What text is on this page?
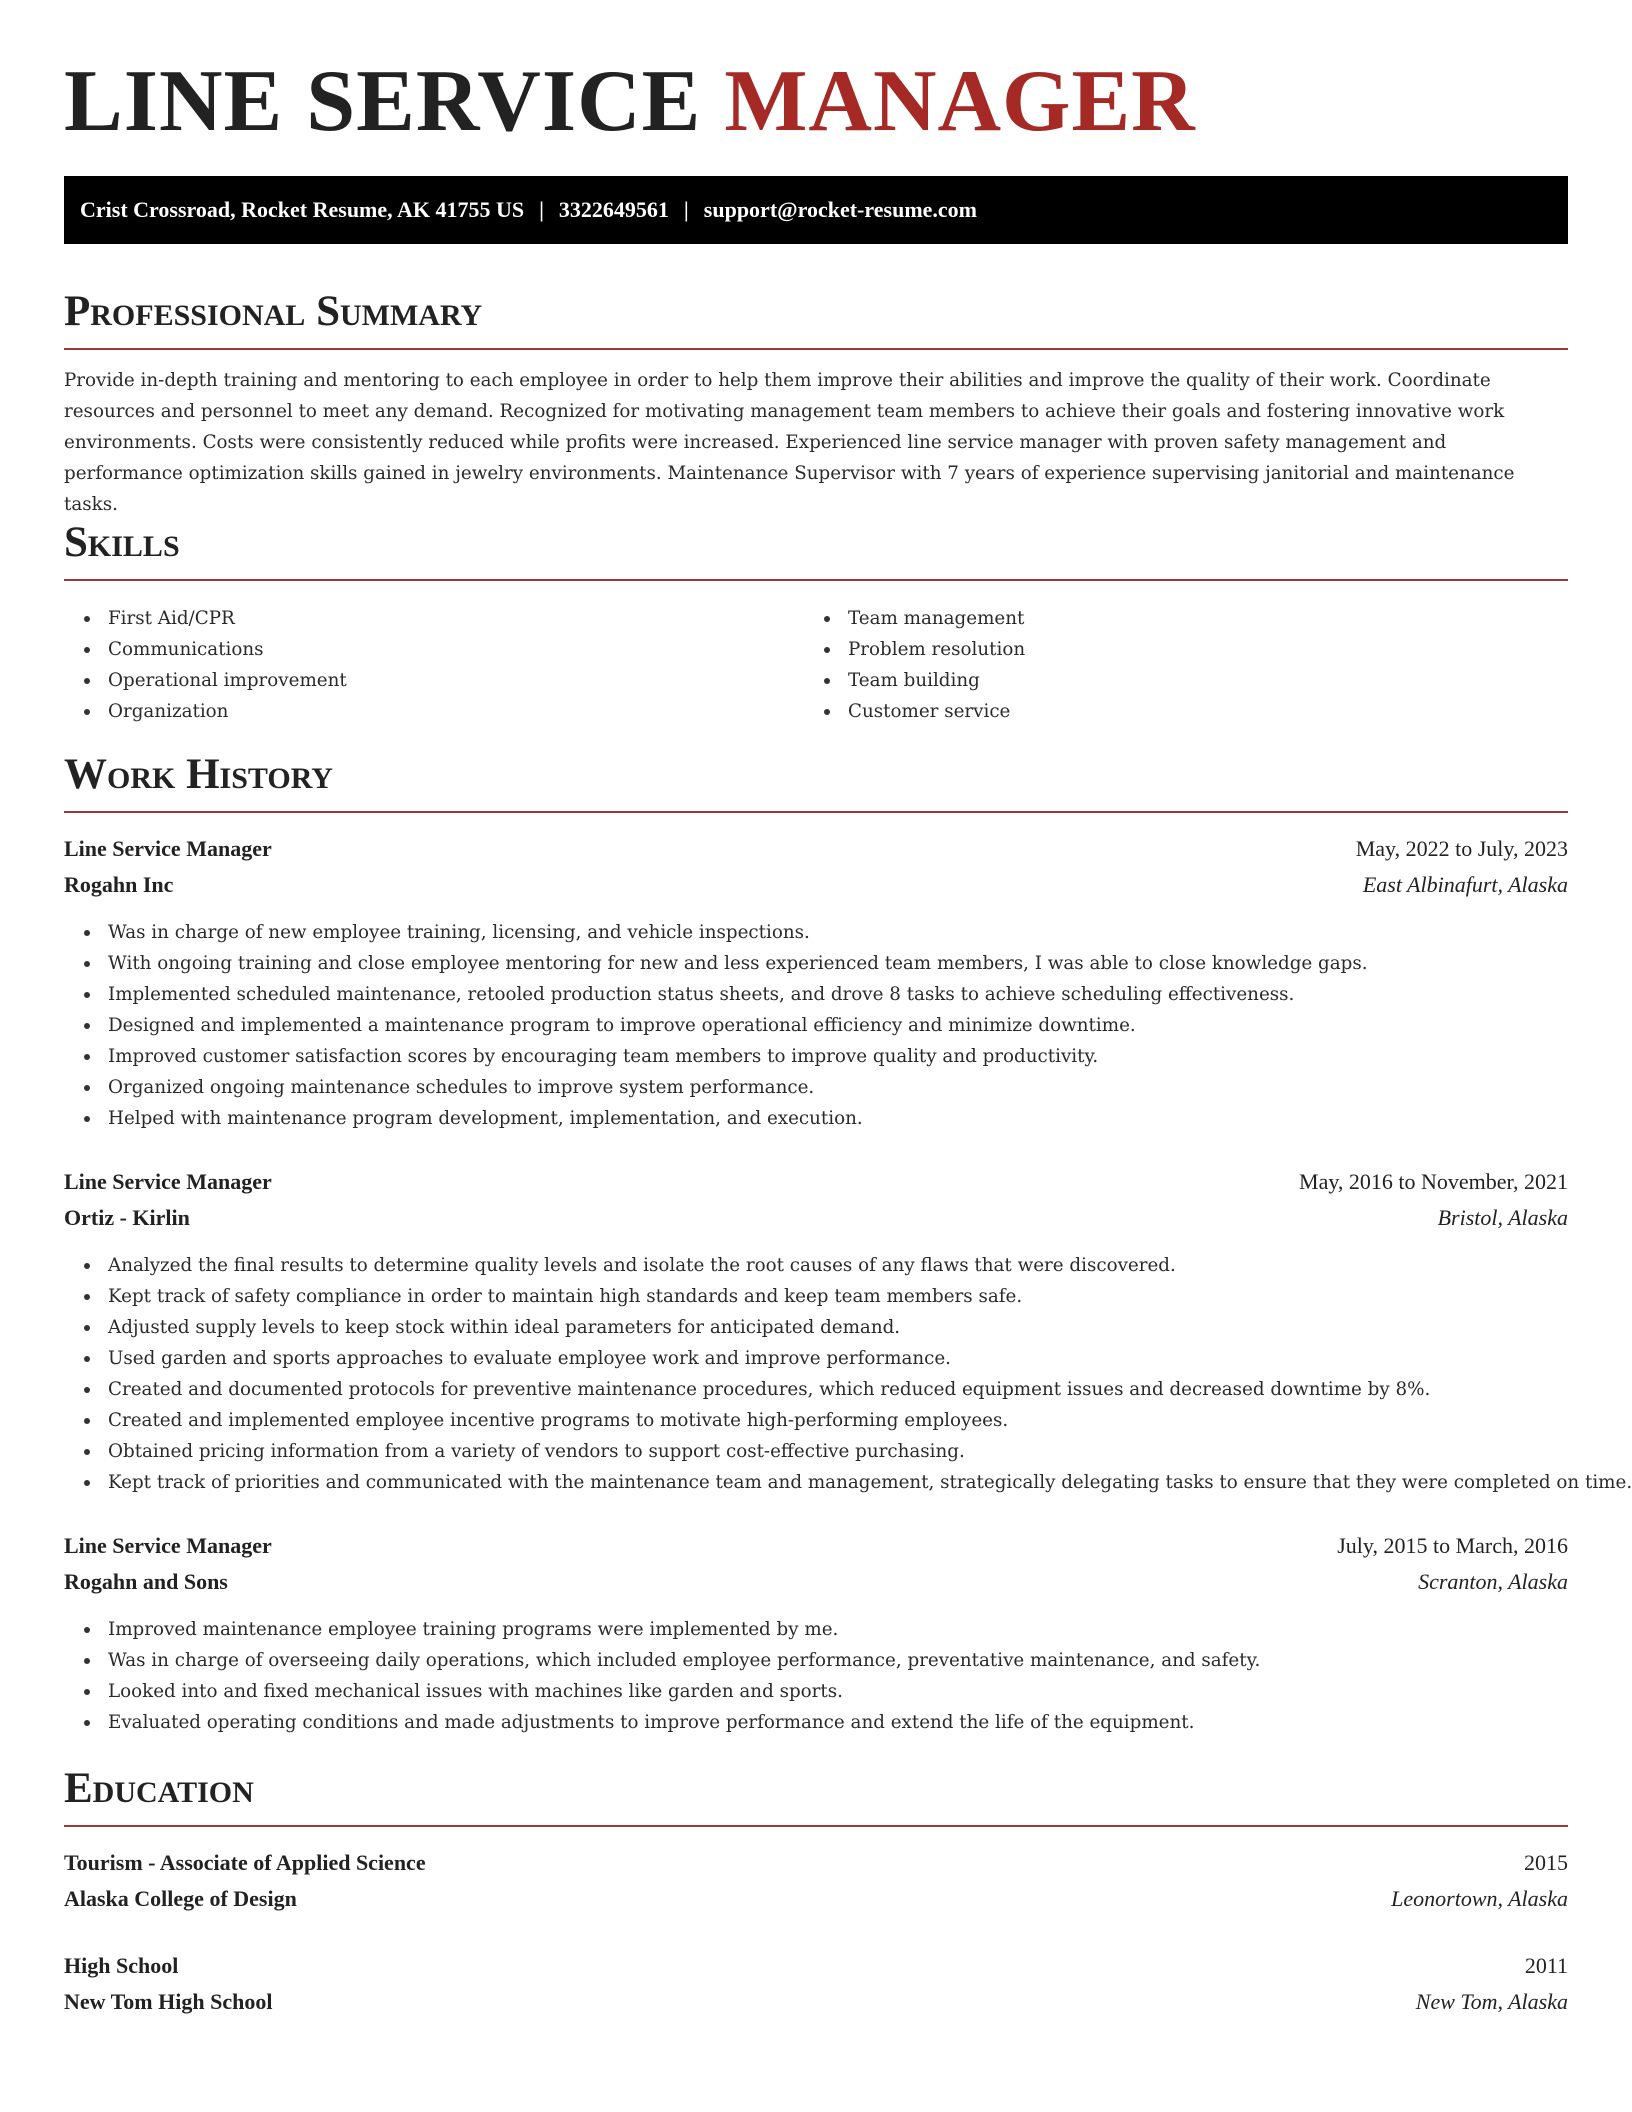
LINE SERVICE MANAGER
Crist Crossroad, Rocket Resume, AK 41755 US | 3322649561 | support@rocket-resume.com
Professional Summary

Provide in-depth training and mentoring to each employee in order to help them improve their abilities and improve the quality of their work. Coordinate resources and personnel to meet any demand. Recognized for motivating management team members to achieve their goals and fostering innovative work environments. Costs were consistently reduced while profits were increased. Experienced line service manager with proven safety management and performance optimization skills gained in jewelry environments. Maintenance Supervisor with 7 years of experience supervising janitorial and maintenance tasks.

Skills
First Aid/CPR
Communications
Operational improvement
Organization
Team management
Problem resolution
Team building
Customer service
Work History
Line Service Manager	May, 2022 to July, 2023
Rogahn Inc	East Albinafurt, Alaska
Was in charge of new employee training, licensing, and vehicle inspections.
With ongoing training and close employee mentoring for new and less experienced team members, I was able to close knowledge gaps.
Implemented scheduled maintenance, retooled production status sheets, and drove 8 tasks to achieve scheduling effectiveness.
Designed and implemented a maintenance program to improve operational efficiency and minimize downtime.
Improved customer satisfaction scores by encouraging team members to improve quality and productivity.
Organized ongoing maintenance schedules to improve system performance.
Helped with maintenance program development, implementation, and execution.
Line Service Manager	May, 2016 to November, 2021
Ortiz - Kirlin	Bristol, Alaska
Analyzed the final results to determine quality levels and isolate the root causes of any flaws that were discovered.
Kept track of safety compliance in order to maintain high standards and keep team members safe.
Adjusted supply levels to keep stock within ideal parameters for anticipated demand.
Used garden and sports approaches to evaluate employee work and improve performance.
Created and documented protocols for preventive maintenance procedures, which reduced equipment issues and decreased downtime by 8%.
Created and implemented employee incentive programs to motivate high-performing employees.
Obtained pricing information from a variety of vendors to support cost-effective purchasing.
Kept track of priorities and communicated with the maintenance team and management, strategically delegating tasks to ensure that they were completed on time.
Line Service Manager	July, 2015 to March, 2016
Rogahn and Sons	Scranton, Alaska
Improved maintenance employee training programs were implemented by me.
Was in charge of overseeing daily operations, which included employee performance, preventative maintenance, and safety.
Looked into and fixed mechanical issues with machines like garden and sports.
Evaluated operating conditions and made adjustments to improve performance and extend the life of the equipment.
Education
Tourism - Associate of Applied Science	2015
Alaska College of Design	Leonortown, Alaska
High School	2011
New Tom High School	New Tom, Alaska
